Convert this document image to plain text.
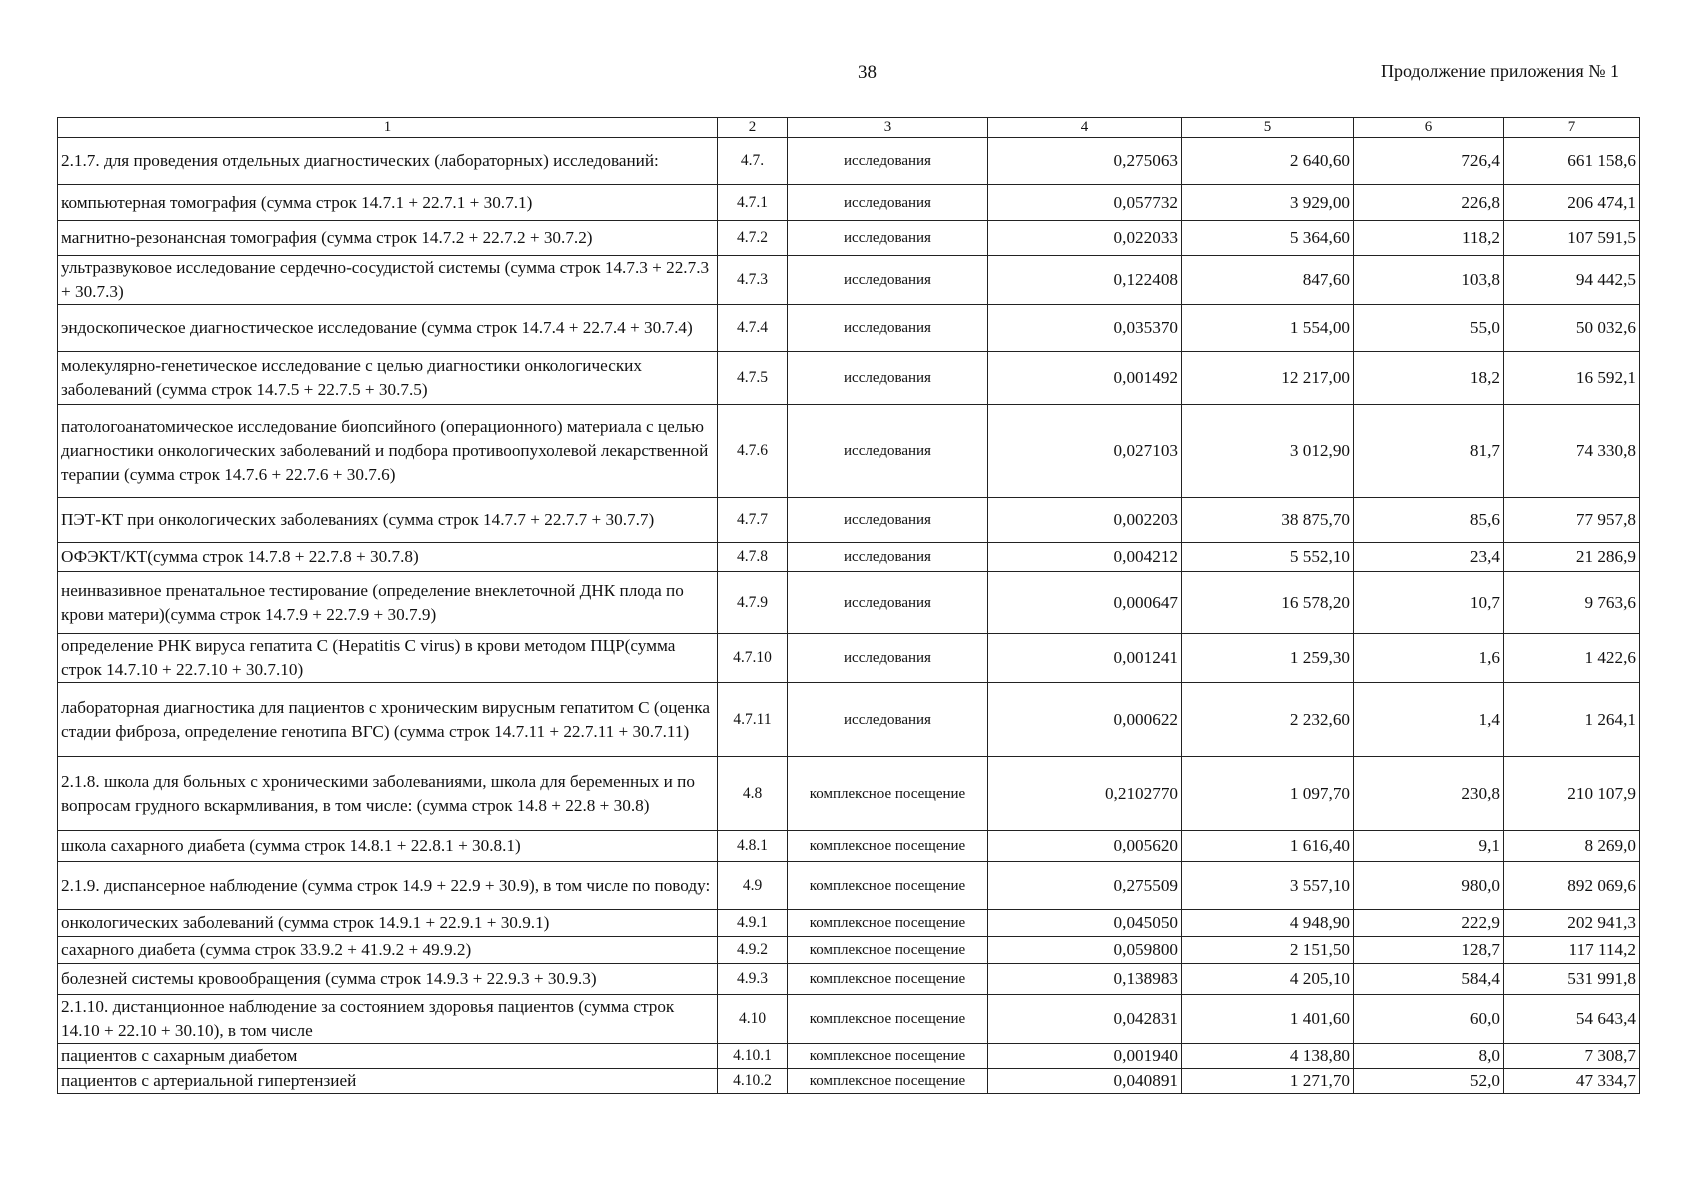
38	Продолжение приложения № 1
1	2	3	4	5	6	7
2.1.7. для проведения отдельных диагностических (лабораторных) исследований:	4.7.	исследования	0,275063	2 640,60	726,4	661 158,6
компьютерная томография (сумма строк 14.7.1 + 22.7.1 + 30.7.1)	4.7.1	исследования	0,057732	3 929,00	226,8	206 474,1
магнитно-резонансная томография (сумма строк 14.7.2 + 22.7.2 + 30.7.2)	4.7.2	исследования	0,022033	5 364,60	118,2	107 591,5
ультразвуковое исследование сердечно-сосудистой системы (сумма строк 14.7.3 + 22.7.3 + 30.7.3)	4.7.3	исследования	0,122408	847,60	103,8	94 442,5
эндоскопическое диагностическое исследование (сумма строк 14.7.4 + 22.7.4 + 30.7.4)	4.7.4	исследования	0,035370	1 554,00	55,0	50 032,6
молекулярно-генетическое исследование с целью диагностики онкологических заболеваний (сумма строк 14.7.5 + 22.7.5 + 30.7.5)	4.7.5	исследования	0,001492	12 217,00	18,2	16 592,1
патологоанатомическое исследование биопсийного (операционного) материала с целью диагностики онкологических заболеваний и подбора противоопухолевой лекарственной терапии (сумма строк 14.7.6 + 22.7.6 + 30.7.6)	4.7.6	исследования	0,027103	3 012,90	81,7	74 330,8
ПЭТ-КТ при онкологических заболеваниях (сумма строк 14.7.7 + 22.7.7 + 30.7.7)	4.7.7	исследования	0,002203	38 875,70	85,6	77 957,8
ОФЭКТ/КТ(сумма строк 14.7.8 + 22.7.8 + 30.7.8)	4.7.8	исследования	0,004212	5 552,10	23,4	21 286,9
неинвазивное пренатальное тестирование (определение внеклеточной ДНК плода по крови матери)(сумма строк 14.7.9 + 22.7.9 + 30.7.9)	4.7.9	исследования	0,000647	16 578,20	10,7	9 763,6
определение РНК вируса гепатита С (Hepatitis C virus) в крови методом ПЦР(сумма строк 14.7.10 + 22.7.10 + 30.7.10)	4.7.10	исследования	0,001241	1 259,30	1,6	1 422,6
лабораторная диагностика для пациентов с хроническим вирусным гепатитом С (оценка стадии фиброза, определение генотипа ВГС) (сумма строк 14.7.11 + 22.7.11 + 30.7.11)	4.7.11	исследования	0,000622	2 232,60	1,4	1 264,1
2.1.8. школа для больных с хроническими заболеваниями, школа для беременных и по вопросам грудного вскармливания, в том числе: (сумма строк 14.8 + 22.8 + 30.8)	4.8	комплексное посещение	0,2102770	1 097,70	230,8	210 107,9
школа сахарного диабета (сумма строк 14.8.1 + 22.8.1 + 30.8.1)	4.8.1	комплексное посещение	0,005620	1 616,40	9,1	8 269,0
2.1.9. диспансерное наблюдение (сумма строк 14.9 + 22.9 + 30.9), в том числе по поводу:	4.9	комплексное посещение	0,275509	3 557,10	980,0	892 069,6
онкологических заболеваний (сумма строк 14.9.1 + 22.9.1 + 30.9.1)	4.9.1	комплексное посещение	0,045050	4 948,90	222,9	202 941,3
сахарного диабета (сумма строк 33.9.2 + 41.9.2 + 49.9.2)	4.9.2	комплексное посещение	0,059800	2 151,50	128,7	117 114,2
болезней системы кровообращения (сумма строк 14.9.3 + 22.9.3 + 30.9.3)	4.9.3	комплексное посещение	0,138983	4 205,10	584,4	531 991,8
2.1.10. дистанционное наблюдение за состоянием здоровья пациентов (сумма строк 14.10 + 22.10 + 30.10), в том числе	4.10	комплексное посещение	0,042831	1 401,60	60,0	54 643,4
пациентов с сахарным диабетом	4.10.1	комплексное посещение	0,001940	4 138,80	8,0	7 308,7
пациентов с артериальной гипертензией	4.10.2	комплексное посещение	0,040891	1 271,70	52,0	47 334,7
